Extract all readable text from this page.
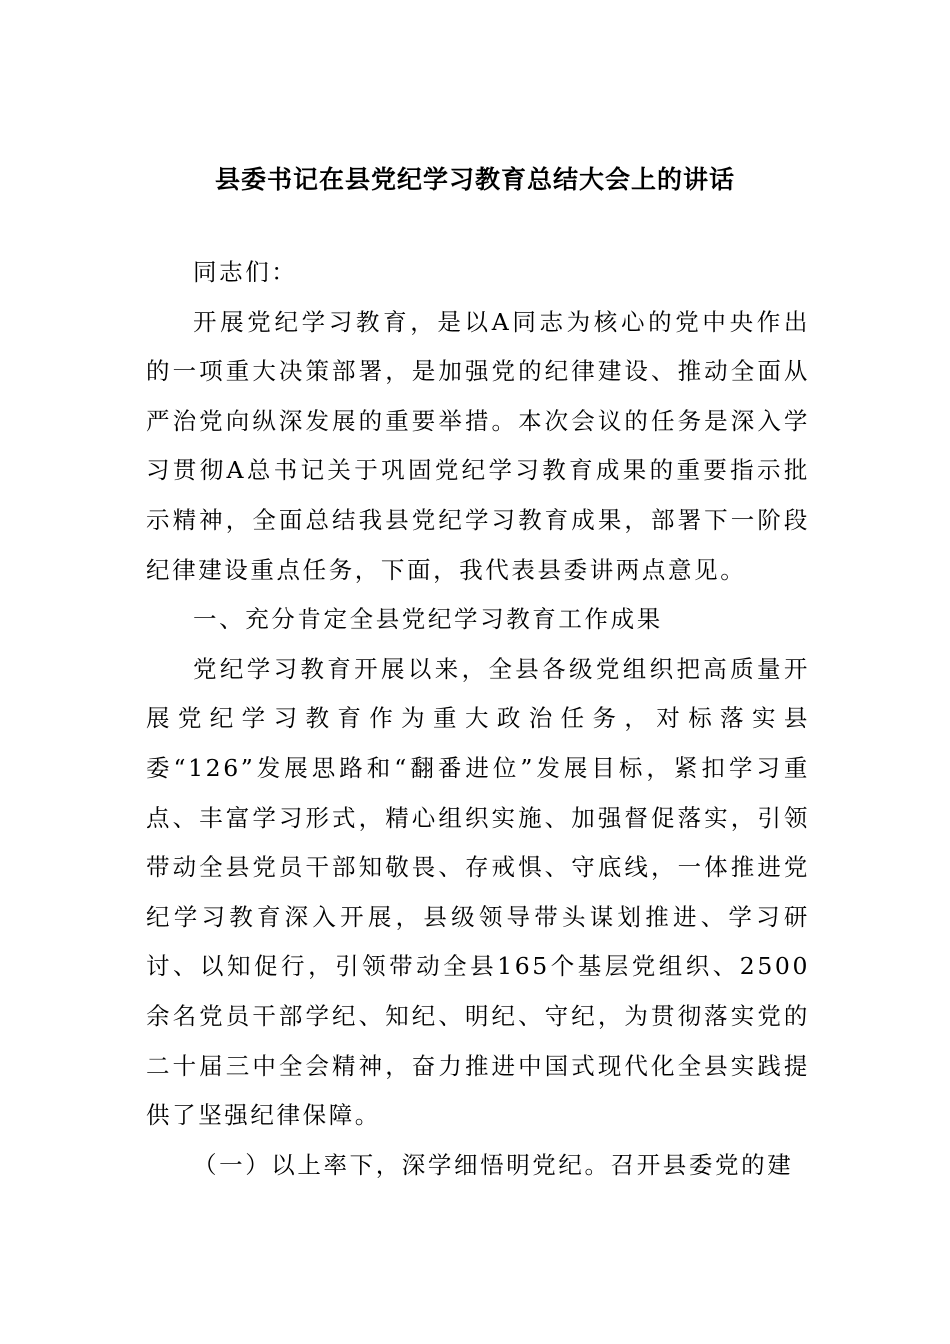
县委书记在县党纪学习教育总结大会上的讲话

同志们：

开展党纪学习教育，是以A同志为核心的党中央作出的一项重大决策部署，是加强党的纪律建设、推动全面从严治党向纵深发展的重要举措。本次会议的任务是深入学习贯彻A总书记关于巩固党纪学习教育成果的重要指示批示精神，全面总结我县党纪学习教育成果，部署下一阶段纪律建设重点任务，下面，我代表县委讲两点意见。

一、充分肯定全县党纪学习教育工作成果

党纪学习教育开展以来，全县各级党组织把高质量开展党纪学习教育作为重大政治任务，对标落实县委“126”发展思路和“翻番进位”发展目标，紧扣学习重点、丰富学习形式，精心组织实施、加强督促落实，引领带动全县党员干部知敬畏、存戒惧、守底线，一体推进党纪学习教育深入开展，县级领导带头谋划推进、学习研讨、以知促行，引领带动全县165个基层党组织、2500余名党员干部学纪、知纪、明纪、守纪，为贯彻落实党的二十届三中全会精神，奋力推进中国式现代化全县实践提供了坚强纪律保障。

（一）以上率下，深学细悟明党纪。召开县委党的建
